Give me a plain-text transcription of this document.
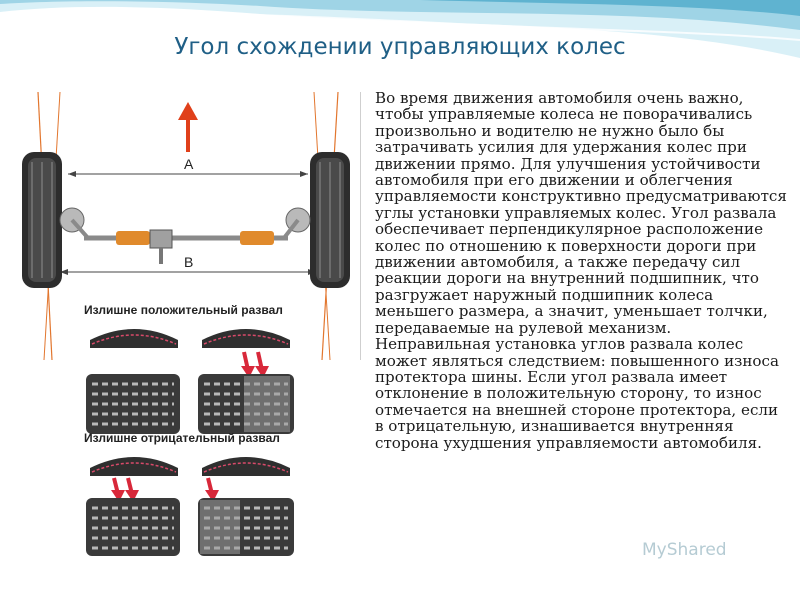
Угол схождении управляющих колес
А
В
Излишне положительный развал
Излишне отрицательный развал

Во время движения автомобиля очень важно, чтобы управляемые колеса не поворачивались произвольно и водителю не нужно было бы затрачивать усилия для удержания колес при движении прямо. Для улучшения устойчивости автомобиля при его движении и облегчения управляемости конструктивно предусматриваются углы установки управляемых колес. Угол развала обеспечивает перпендикулярное расположение колес по отношению к поверхности дороги при движении автомобиля, а также передачу сил реакции дороги на внутренний подшипник, что разгружает наружный подшипник колеса меньшего размера, а значит, уменьшает толчки, передаваемые на рулевой механизм. Неправильная установка углов развала колес может являться следствием: повышенного износа протектора шины. Если угол развала имеет отклонение в положительную сторону, то износ отмечается на внешней стороне протектора, если в отрицательную, изнашивается внутренняя сторона ухудшения управляемости автомобиля.

MyShared
